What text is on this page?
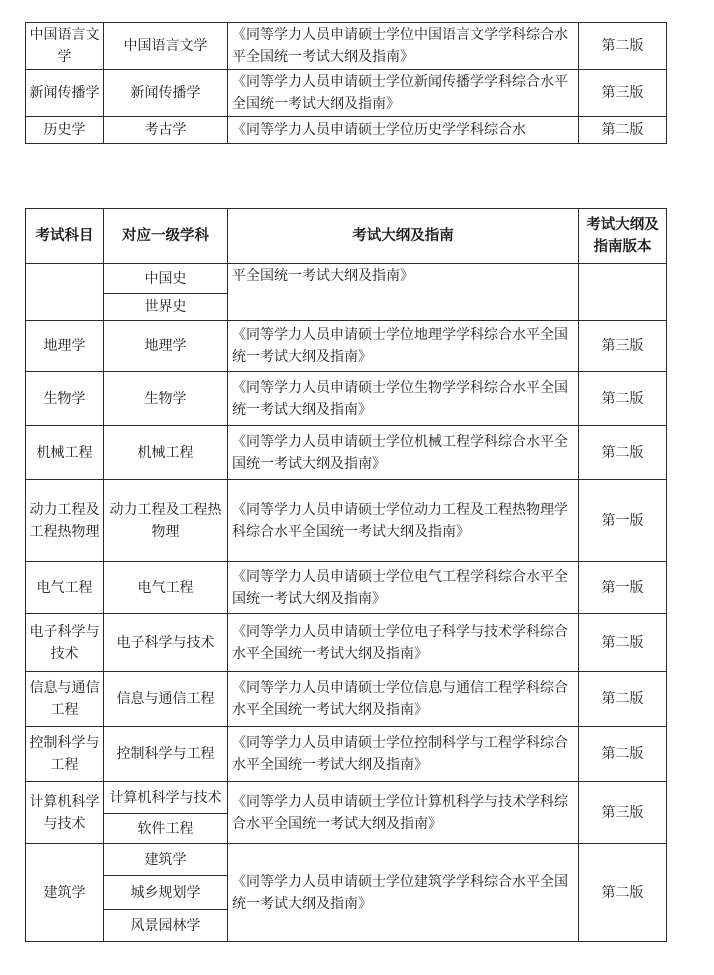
中国语言文学	中国语言文学	《同等学力人员申请硕士学位中国语言文学学科综合水平全国统一考试大纲及指南》	第二版
新闻传播学	新闻传播学	《同等学力人员申请硕士学位新闻传播学学科综合水平全国统一考试大纲及指南》	第三版
历史学	考古学	《同等学力人员申请硕士学位历史学学科综合水	第二版
考试科目	对应一级学科	考试大纲及指南	考试大纲及指南版本
	中国史	平全国统一考试大纲及指南》	
	世界史		
地理学	地理学	《同等学力人员申请硕士学位地理学学科综合水平全国统一考试大纲及指南》	第三版
生物学	生物学	《同等学力人员申请硕士学位生物学学科综合水平全国统一考试大纲及指南》	第二版
机械工程	机械工程	《同等学力人员申请硕士学位机械工程学科综合水平全国统一考试大纲及指南》	第二版
动力工程及工程热物理	动力工程及工程热物理	《同等学力人员申请硕士学位动力工程及工程热物理学科综合水平全国统一考试大纲及指南》	第一版
电气工程	电气工程	《同等学力人员申请硕士学位电气工程学科综合水平全国统一考试大纲及指南》	第一版
电子科学与技术	电子科学与技术	《同等学力人员申请硕士学位电子科学与技术学科综合水平全国统一考试大纲及指南》	第二版
信息与通信工程	信息与通信工程	《同等学力人员申请硕士学位信息与通信工程学科综合水平全国统一考试大纲及指南》	第二版
控制科学与工程	控制科学与工程	《同等学力人员申请硕士学位控制科学与工程学科综合水平全国统一考试大纲及指南》	第二版
计算机科学与技术	计算机科学与技术	《同等学力人员申请硕士学位计算机科学与技术学科综合水平全国统一考试大纲及指南》	第三版
	软件工程		
建筑学	建筑学	《同等学力人员申请硕士学位建筑学学科综合水平全国统一考试大纲及指南》	第二版
	城乡规划学		
	风景园林学		
